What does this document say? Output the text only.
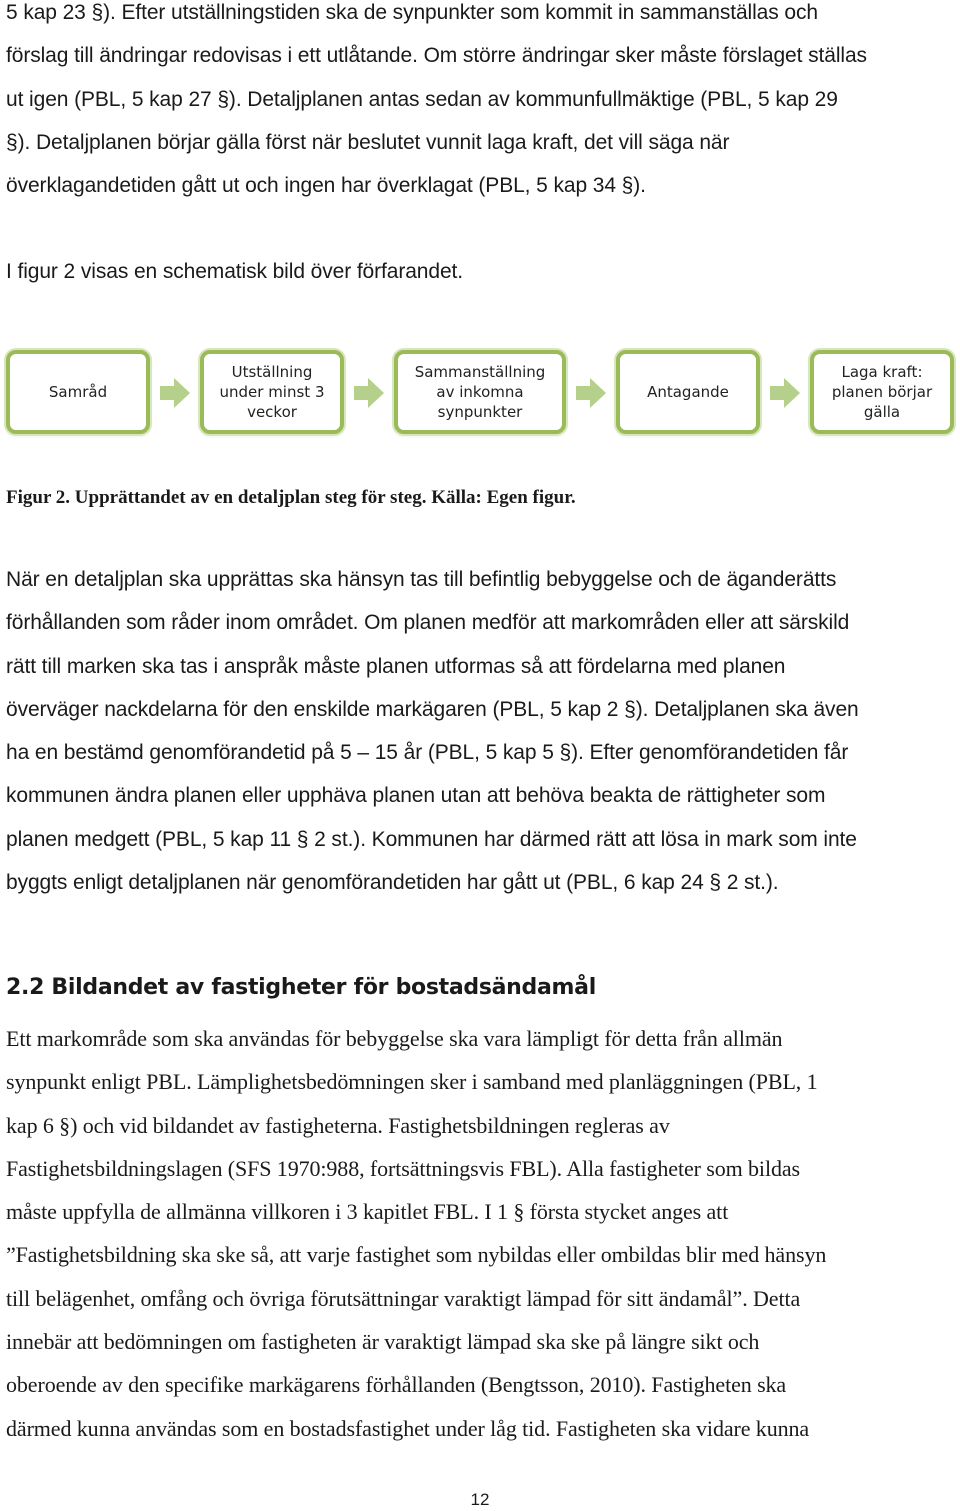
5 kap 23 §). Efter utställningstiden ska de synpunkter som kommit in sammanställas och
förslag till ändringar redovisas i ett utlåtande. Om större ändringar sker måste förslaget ställas
ut igen (PBL, 5 kap 27 §). Detaljplanen antas sedan av kommunfullmäktige (PBL, 5 kap 29
§). Detaljplanen börjar gälla först när beslutet vunnit laga kraft, det vill säga när
överklagandetiden gått ut och ingen har överklagat (PBL, 5 kap 34 §).
I figur 2 visas en schematisk bild över förfarandet.
Samråd
Utställning
under minst 3
veckor
Sammanställning
av inkomna
synpunkter
Antagande
Laga kraft:
planen börjar
gälla
Figur 2. Upprättandet av en detaljplan steg för steg. Källa: Egen figur.
När en detaljplan ska upprättas ska hänsyn tas till befintlig bebyggelse och de äganderätts
förhållanden som råder inom området. Om planen medför att markområden eller att särskild
rätt till marken ska tas i anspråk måste planen utformas så att fördelarna med planen
överväger nackdelarna för den enskilde markägaren (PBL, 5 kap 2 §). Detaljplanen ska även
ha en bestämd genomförandetid på 5 – 15 år (PBL, 5 kap 5 §). Efter genomförandetiden får
kommunen ändra planen eller upphäva planen utan att behöva beakta de rättigheter som
planen medgett (PBL, 5 kap 11 § 2 st.). Kommunen har därmed rätt att lösa in mark som inte
byggts enligt detaljplanen när genomförandetiden har gått ut (PBL, 6 kap 24 § 2 st.).
2.2 Bildandet av fastigheter för bostadsändamål
Ett markområde som ska användas för bebyggelse ska vara lämpligt för detta från allmän
synpunkt enligt PBL. Lämplighetsbedömningen sker i samband med planläggningen (PBL, 1
kap 6 §) och vid bildandet av fastigheterna. Fastighetsbildningen regleras av
Fastighetsbildningslagen (SFS 1970:988, fortsättningsvis FBL). Alla fastigheter som bildas
måste uppfylla de allmänna villkoren i 3 kapitlet FBL. I 1 § första stycket anges att
”Fastighetsbildning ska ske så, att varje fastighet som nybildas eller ombildas blir med hänsyn
till belägenhet, omfång och övriga förutsättningar varaktigt lämpad för sitt ändamål”. Detta
innebär att bedömningen om fastigheten är varaktigt lämpad ska ske på längre sikt och
oberoende av den specifike markägarens förhållanden (Bengtsson, 2010). Fastigheten ska
därmed kunna användas som en bostadsfastighet under låg tid. Fastigheten ska vidare kunna
12
